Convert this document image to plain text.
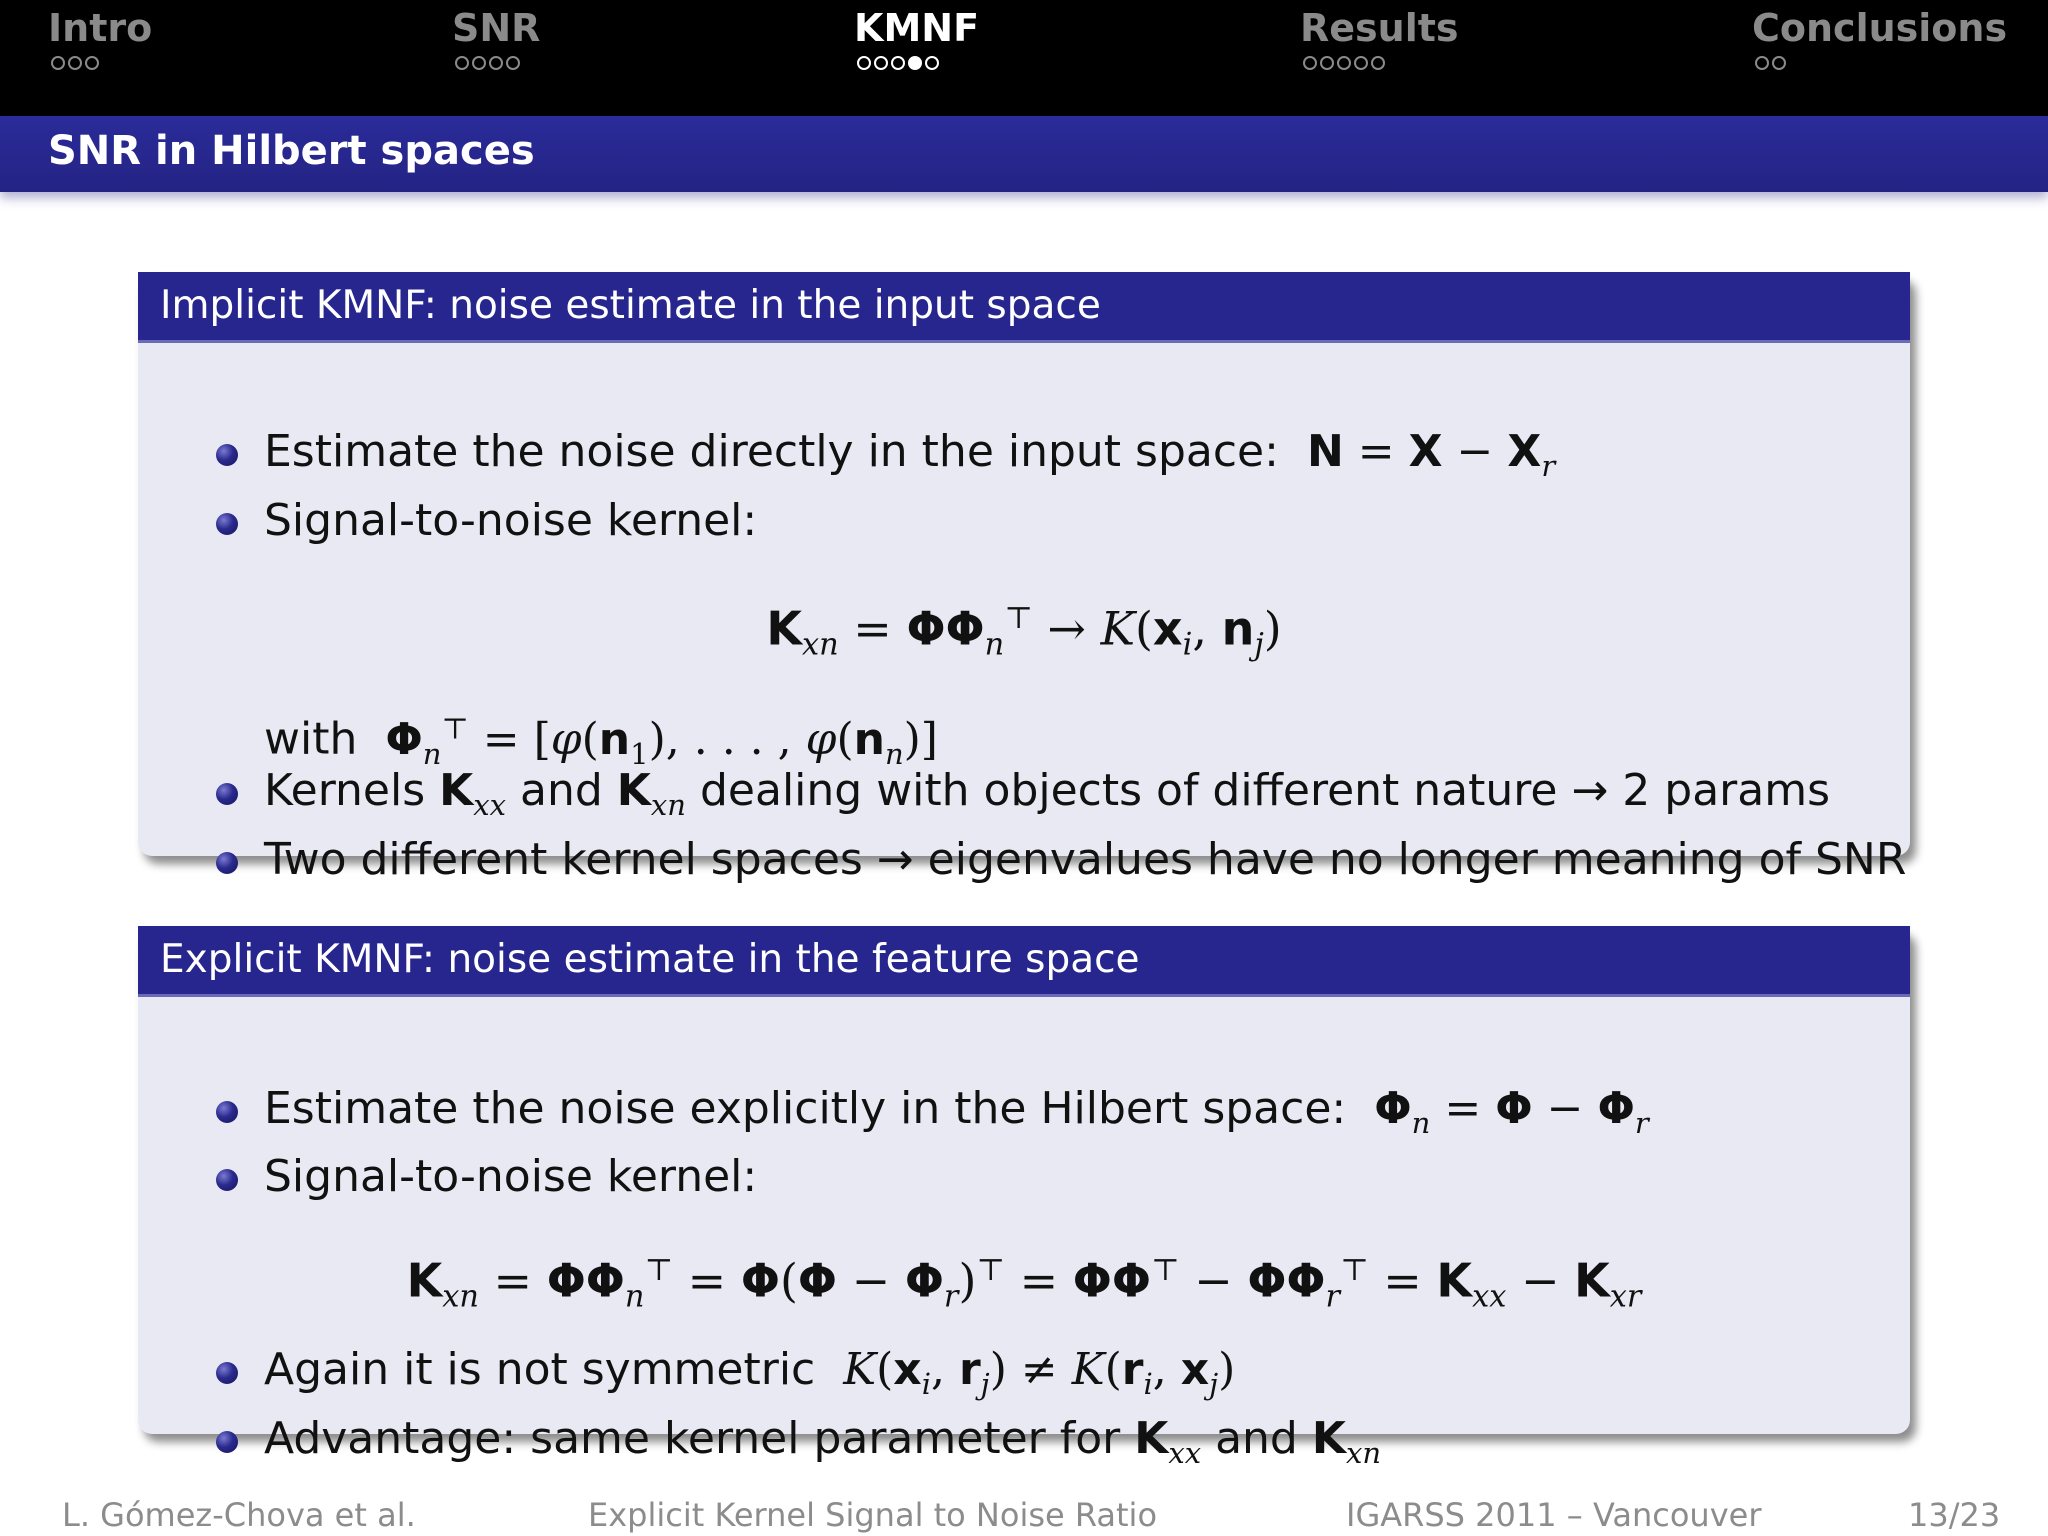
Intro	SNR	KMNF	Results	Conclusions
SNR in Hilbert spaces
Implicit KMNF: noise estimate in the input space
Estimate the noise directly in the input space: $N = X - X_r$
Signal-to-noise kernel:
$K_{xn} = \Phi\Phi_n^⊤ \to K(x_i$, $n_j$)
with $\Phi_n^⊤ = [\varphi(n_1)$, . . . , $\varphi(n_n)$]
Kernels $K_{xx}$ and $K_{xn}$ dealing with objects of different nature → 2 params
Two different kernel spaces → eigenvalues have no longer meaning of SNR
Explicit KMNF: noise estimate in the feature space
Estimate the noise explicitly in the Hilbert space: $\Phi_n = \Phi - \Phi_r$
Signal-to-noise kernel:
$K_{xn} = \Phi\Phi_n^⊤ = \Phi(\Phi - \Phi_r)^⊤ = \Phi\Phi^⊤ - \Phi\Phi_r^⊤ = K_{xx} - K_{xr}$
Again it is not symmetric $K(x_i$, $r_j) \ne K(r_i$, $x_j$)
Advantage: same kernel parameter for $K_{xx}$ and $K_{xn}$
L. Gómez-Chova et al.	Explicit Kernel Signal to Noise Ratio	IGARSS 2011 – Vancouver	13/23
